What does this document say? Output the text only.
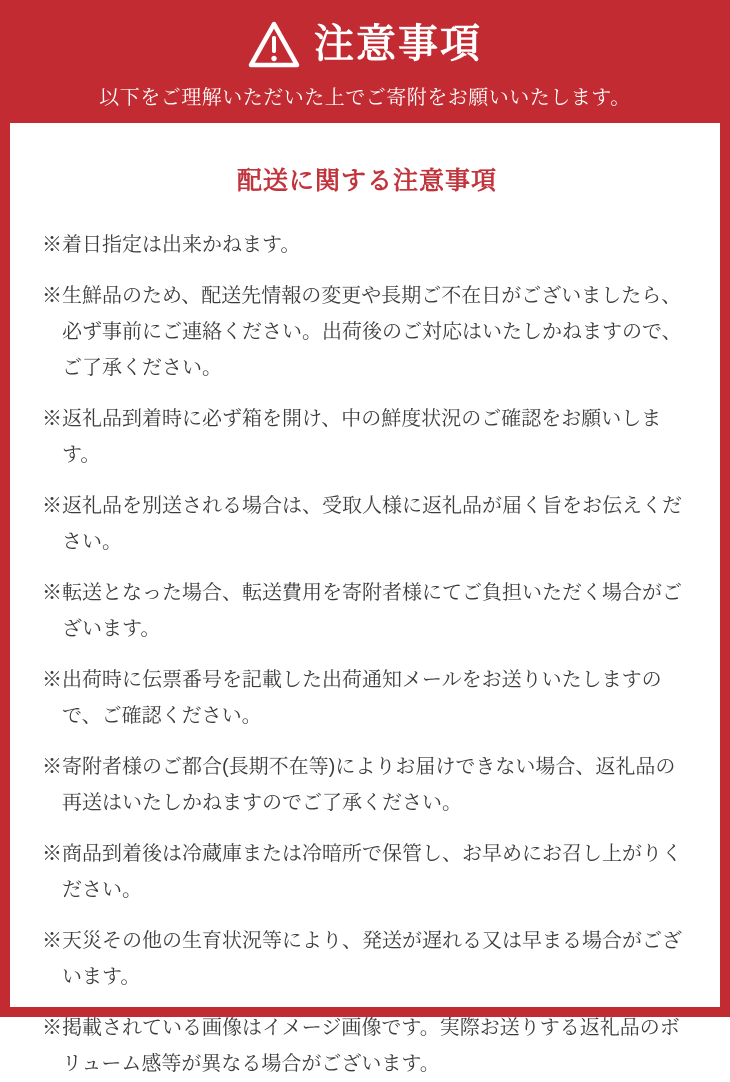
注意事項

以下をご理解いただいた上でご寄附をお願いいたします。

配送に関する注意事項

※着日指定は出来かねます。

※生鮮品のため、配送先情報の変更や長期ご不在日がございましたら、必ず事前にご連絡ください。出荷後のご対応はいたしかねますので、ご了承ください。

※返礼品到着時に必ず箱を開け、中の鮮度状況のご確認をお願いします。

※返礼品を別送される場合は、受取人様に返礼品が届く旨をお伝えください。

※転送となった場合、転送費用を寄附者様にてご負担いただく場合がございます。

※出荷時に伝票番号を記載した出荷通知メールをお送りいたしますので、ご確認ください。

※寄附者様のご都合(長期不在等)によりお届けできない場合、返礼品の再送はいたしかねますのでご了承ください。

※商品到着後は冷蔵庫または冷暗所で保管し、お早めにお召し上がりください。

※天災その他の生育状況等により、発送が遅れる又は早まる場合がございます。

※掲載されている画像はイメージ画像です。実際お送りする返礼品のボリューム感等が異なる場合がございます。
